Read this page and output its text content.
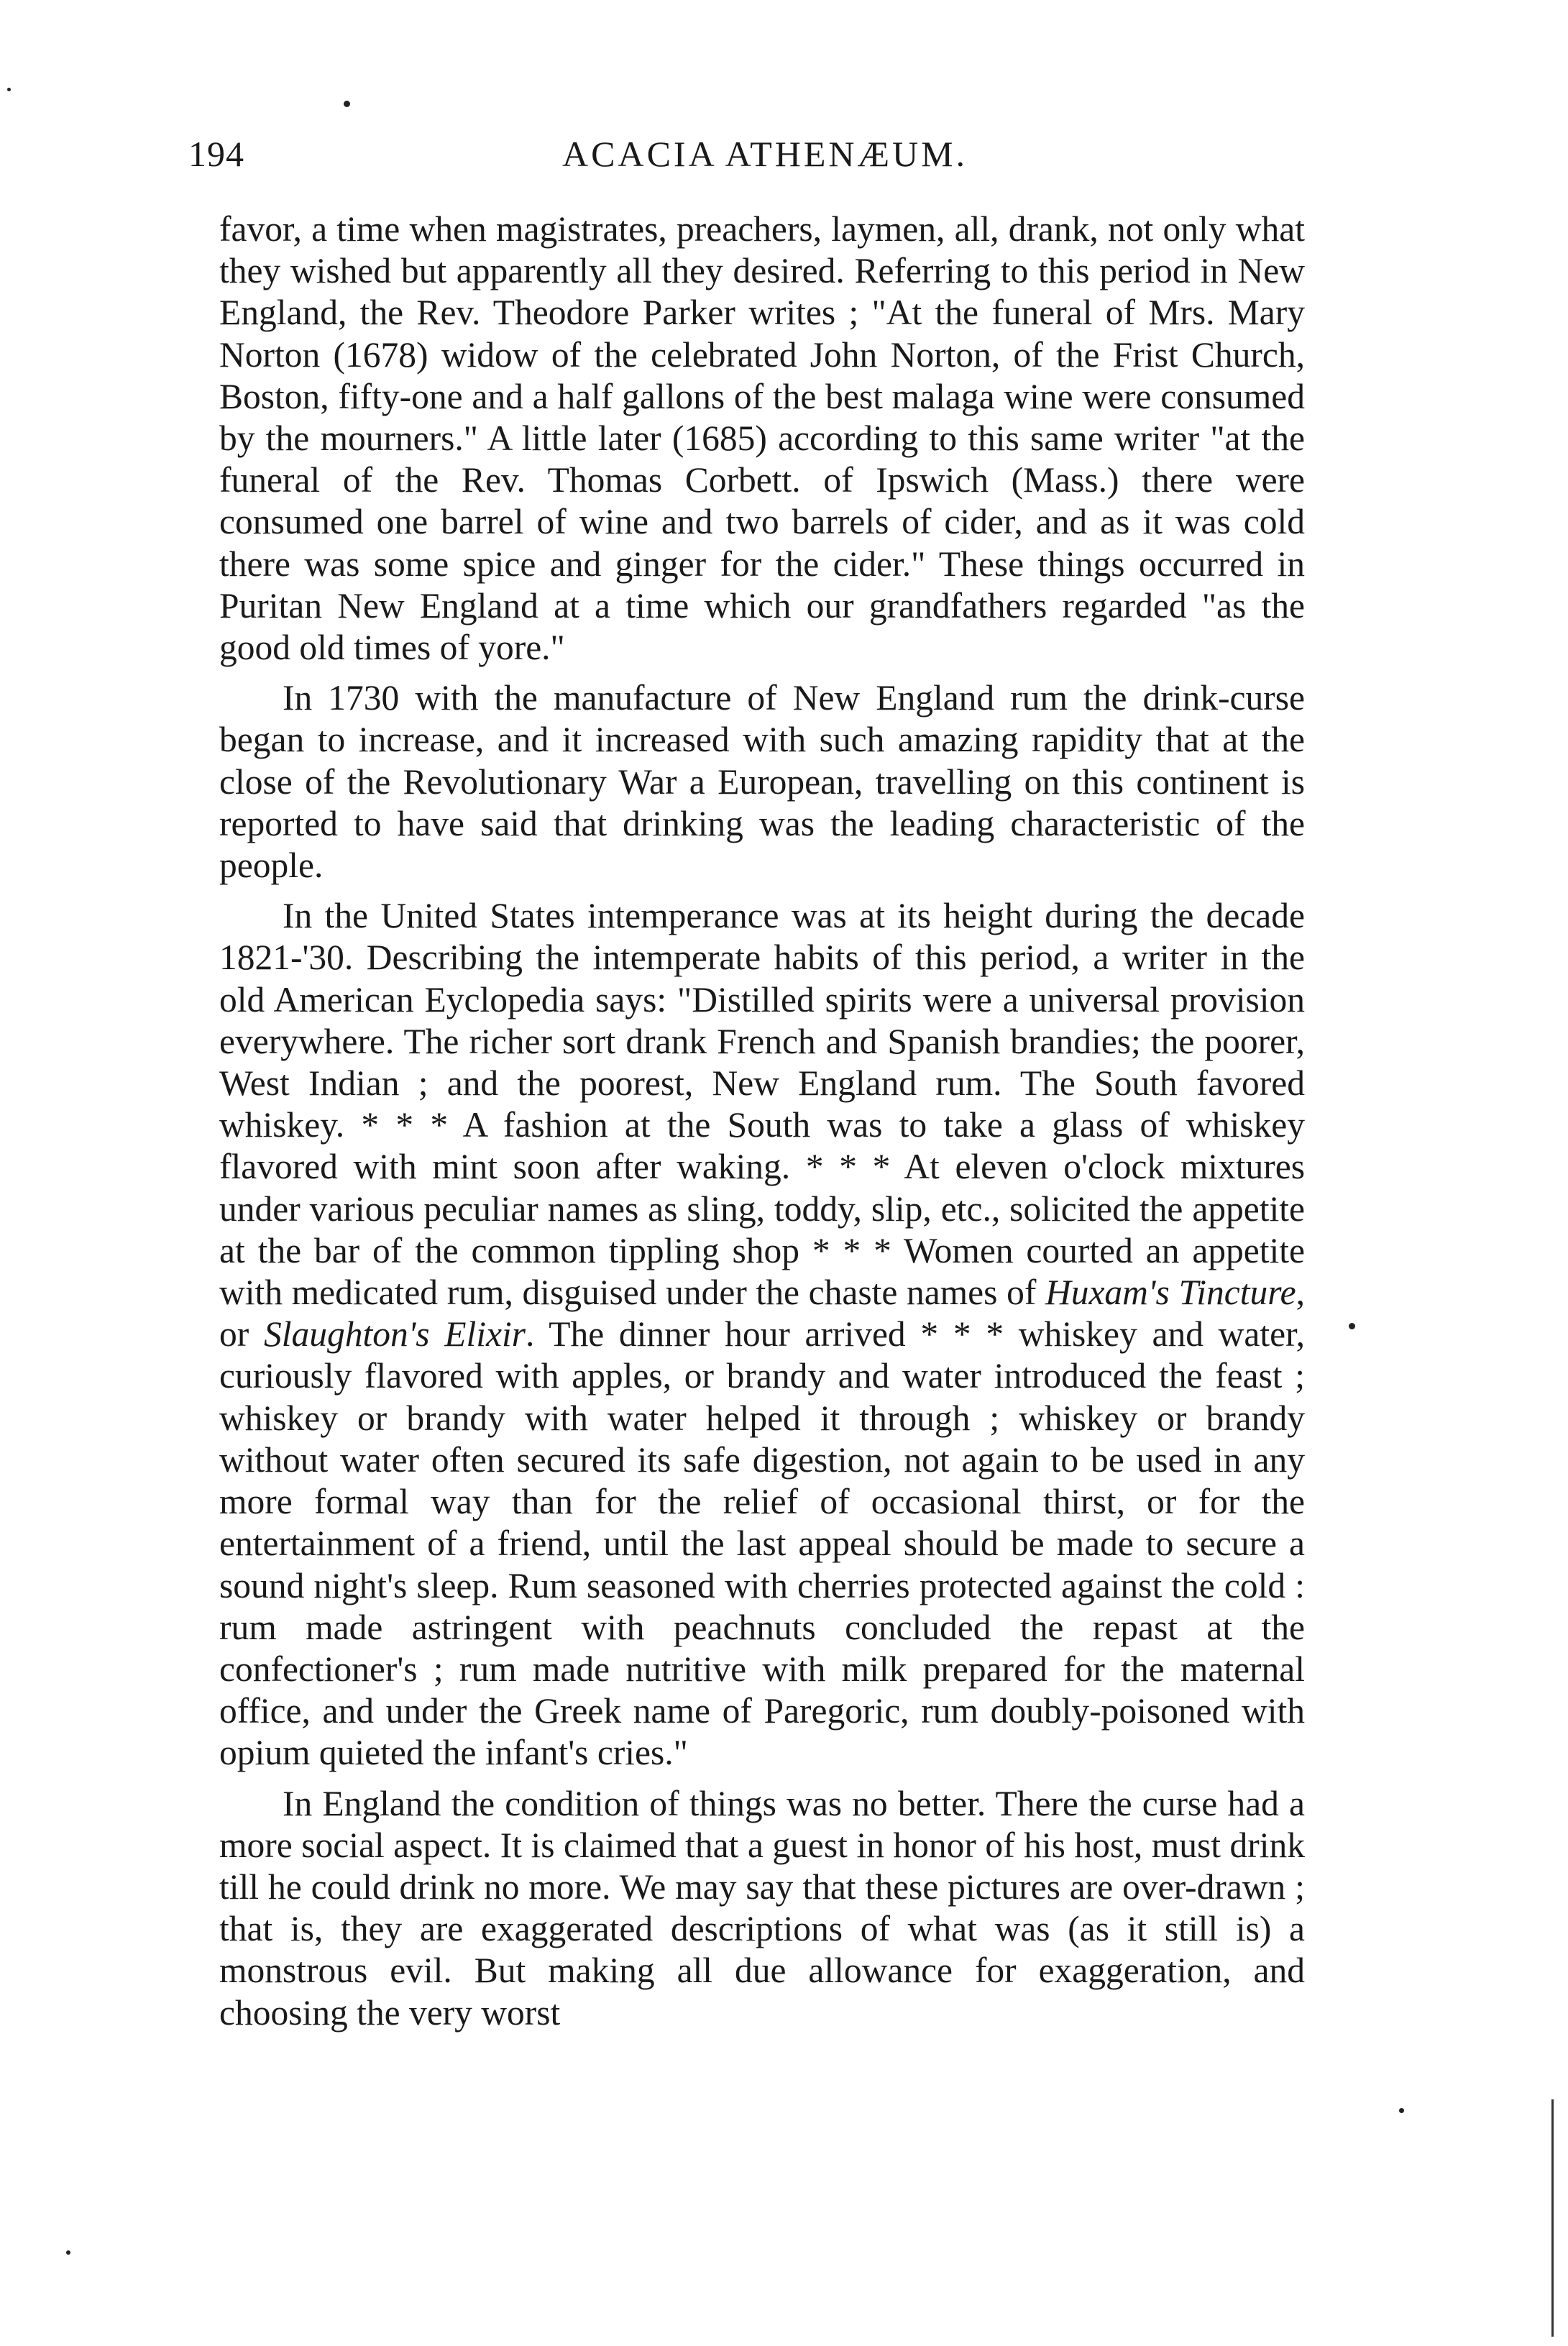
194	ACACIA ATHENÆUM.

favor, a time when magistrates, preachers, laymen, all, drank, not only what they wished but apparently all they desired. Referring to this period in New England, the Rev. Theodore Parker writes ; "At the funeral of Mrs. Mary Norton (1678) widow of the celebrated John Norton, of the Frist Church, Boston, fifty-one and a half gallons of the best malaga wine were consumed by the mourners." A little later (1685) according to this same writer "at the funeral of the Rev. Thomas Corbett. of Ipswich (Mass.) there were consumed one barrel of wine and two barrels of cider, and as it was cold there was some spice and ginger for the cider." These things occurred in Puritan New England at a time which our grandfathers regarded "as the good old times of yore."

In 1730 with the manufacture of New England rum the drink-curse began to increase, and it increased with such amazing rapidity that at the close of the Revolutionary War a European, travelling on this continent is reported to have said that drinking was the leading characteristic of the people.

In the United States intemperance was at its height during the decade 1821-'30. Describing the intemperate habits of this period, a writer in the old American Eyclopedia says: "Distilled spirits were a universal provision everywhere. The richer sort drank French and Spanish brandies; the poorer, West Indian ; and the poorest, New England rum. The South favored whiskey. * * * A fashion at the South was to take a glass of whiskey flavored with mint soon after waking. * * * At eleven o'clock mixtures under various peculiar names as sling, toddy, slip, etc., solicited the appetite at the bar of the common tippling shop * * * Women courted an appetite with medicated rum, disguised under the chaste names of Huxam's Tincture, or Slaughton's Elixir. The dinner hour arrived * * * whiskey and water, curiously flavored with apples, or brandy and water introduced the feast ; whiskey or brandy with water helped it through ; whiskey or brandy without water often secured its safe digestion, not again to be used in any more formal way than for the relief of occasional thirst, or for the entertainment of a friend, until the last appeal should be made to secure a sound night's sleep. Rum seasoned with cherries protected against the cold : rum made astringent with peachnuts concluded the repast at the confectioner's ; rum made nutritive with milk prepared for the maternal office, and under the Greek name of Paregoric, rum doubly-poisoned with opium quieted the infant's cries."

In England the condition of things was no better. There the curse had a more social aspect. It is claimed that a guest in honor of his host, must drink till he could drink no more. We may say that these pictures are over-drawn ; that is, they are exaggerated descriptions of what was (as it still is) a monstrous evil. But making all due allowance for exaggeration, and choosing the very worst
